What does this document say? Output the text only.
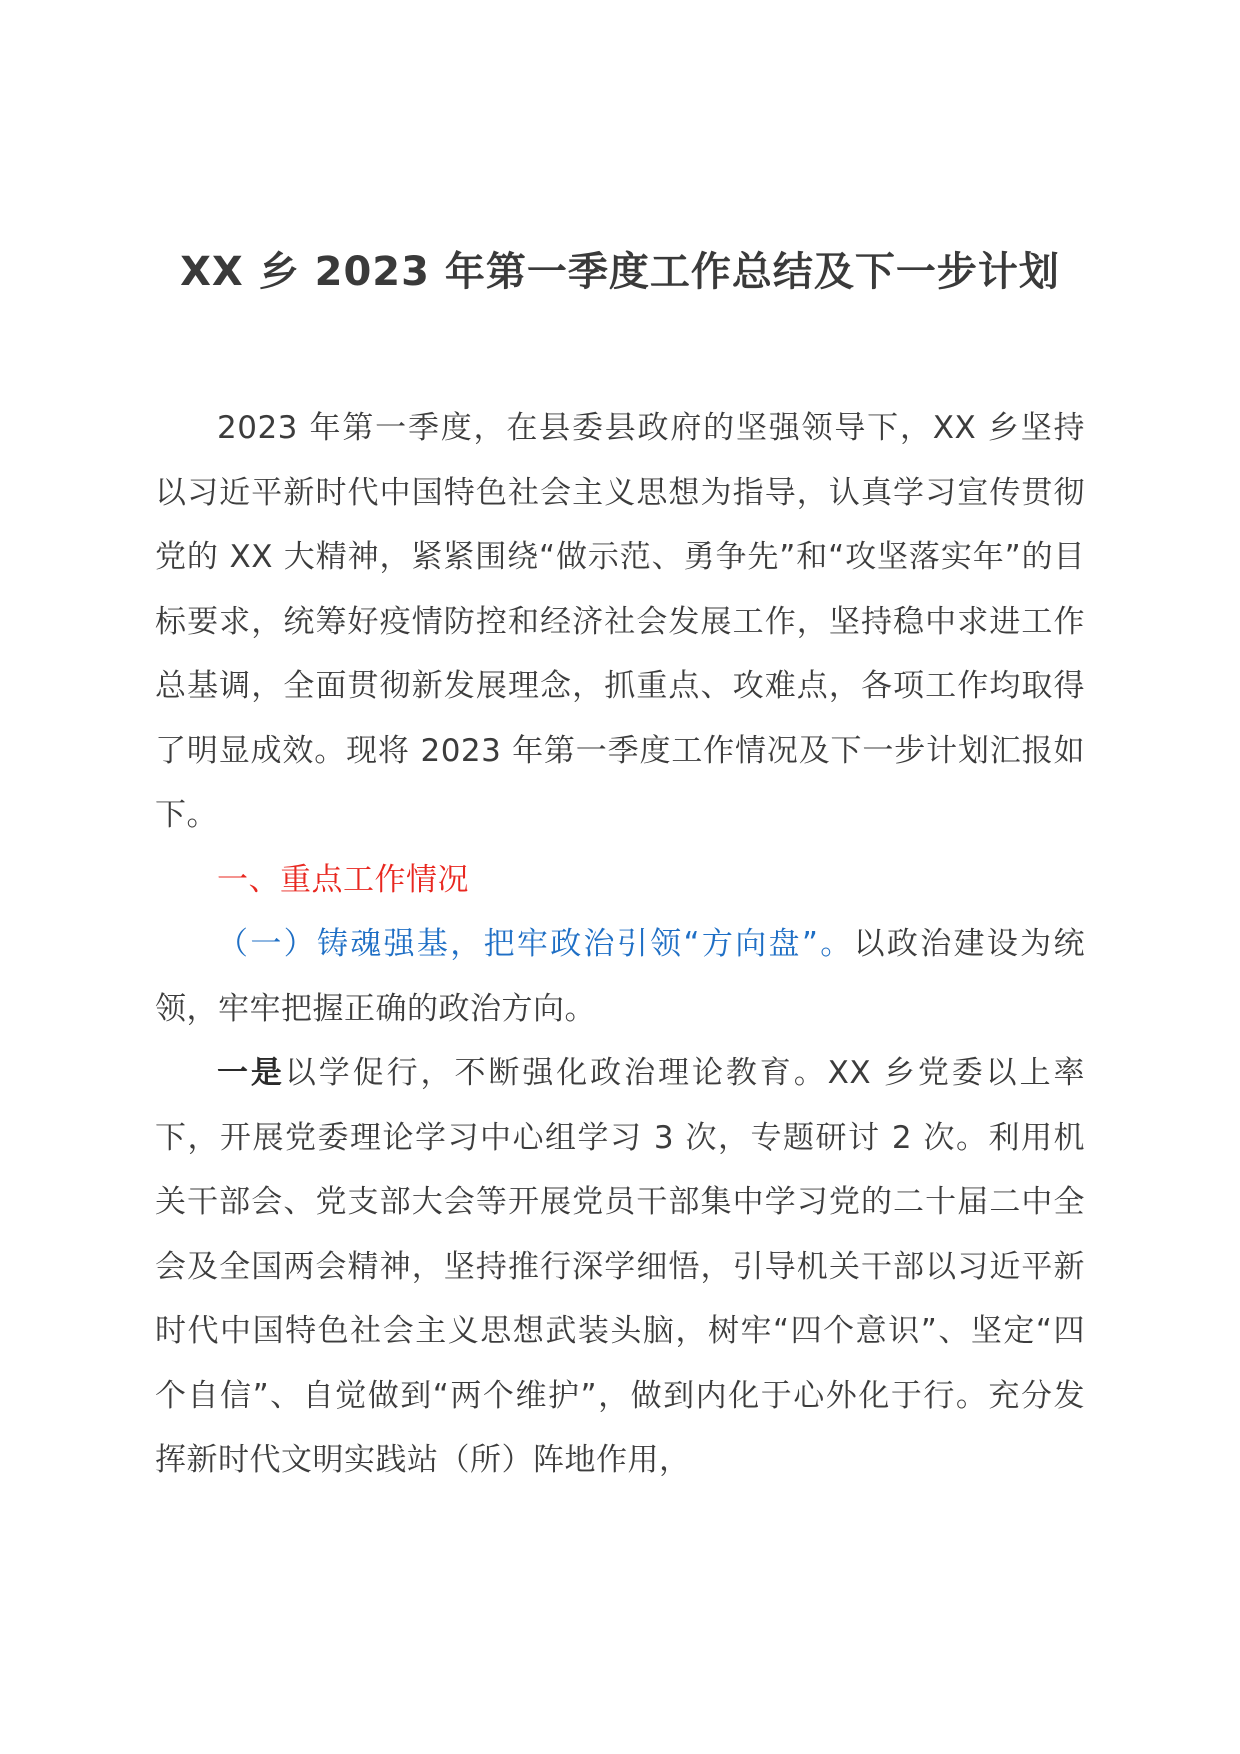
XX 乡 2023 年第一季度工作总结及下一步计划

2023 年第一季度，在县委县政府的坚强领导下，XX 乡坚持以习近平新时代中国特色社会主义思想为指导，认真学习宣传贯彻党的 XX 大精神，紧紧围绕“做示范、勇争先”和“攻坚落实年”的目标要求，统筹好疫情防控和经济社会发展工作，坚持稳中求进工作总基调，全面贯彻新发展理念，抓重点、攻难点，各项工作均取得了明显成效。现将 2023 年第一季度工作情况及下一步计划汇报如下。

一、重点工作情况

（一）铸魂强基，把牢政治引领“方向盘”。以政治建设为统领，牢牢把握正确的政治方向。

一是以学促行，不断强化政治理论教育。XX 乡党委以上率下，开展党委理论学习中心组学习 3 次，专题研讨 2 次。利用机关干部会、党支部大会等开展党员干部集中学习党的二十届二中全会及全国两会精神，坚持推行深学细悟，引导机关干部以习近平新时代中国特色社会主义思想武装头脑，树牢“四个意识”、坚定“四个自信”、自觉做到“两个维护”，做到内化于心外化于行。充分发挥新时代文明实践站（所）阵地作用，
